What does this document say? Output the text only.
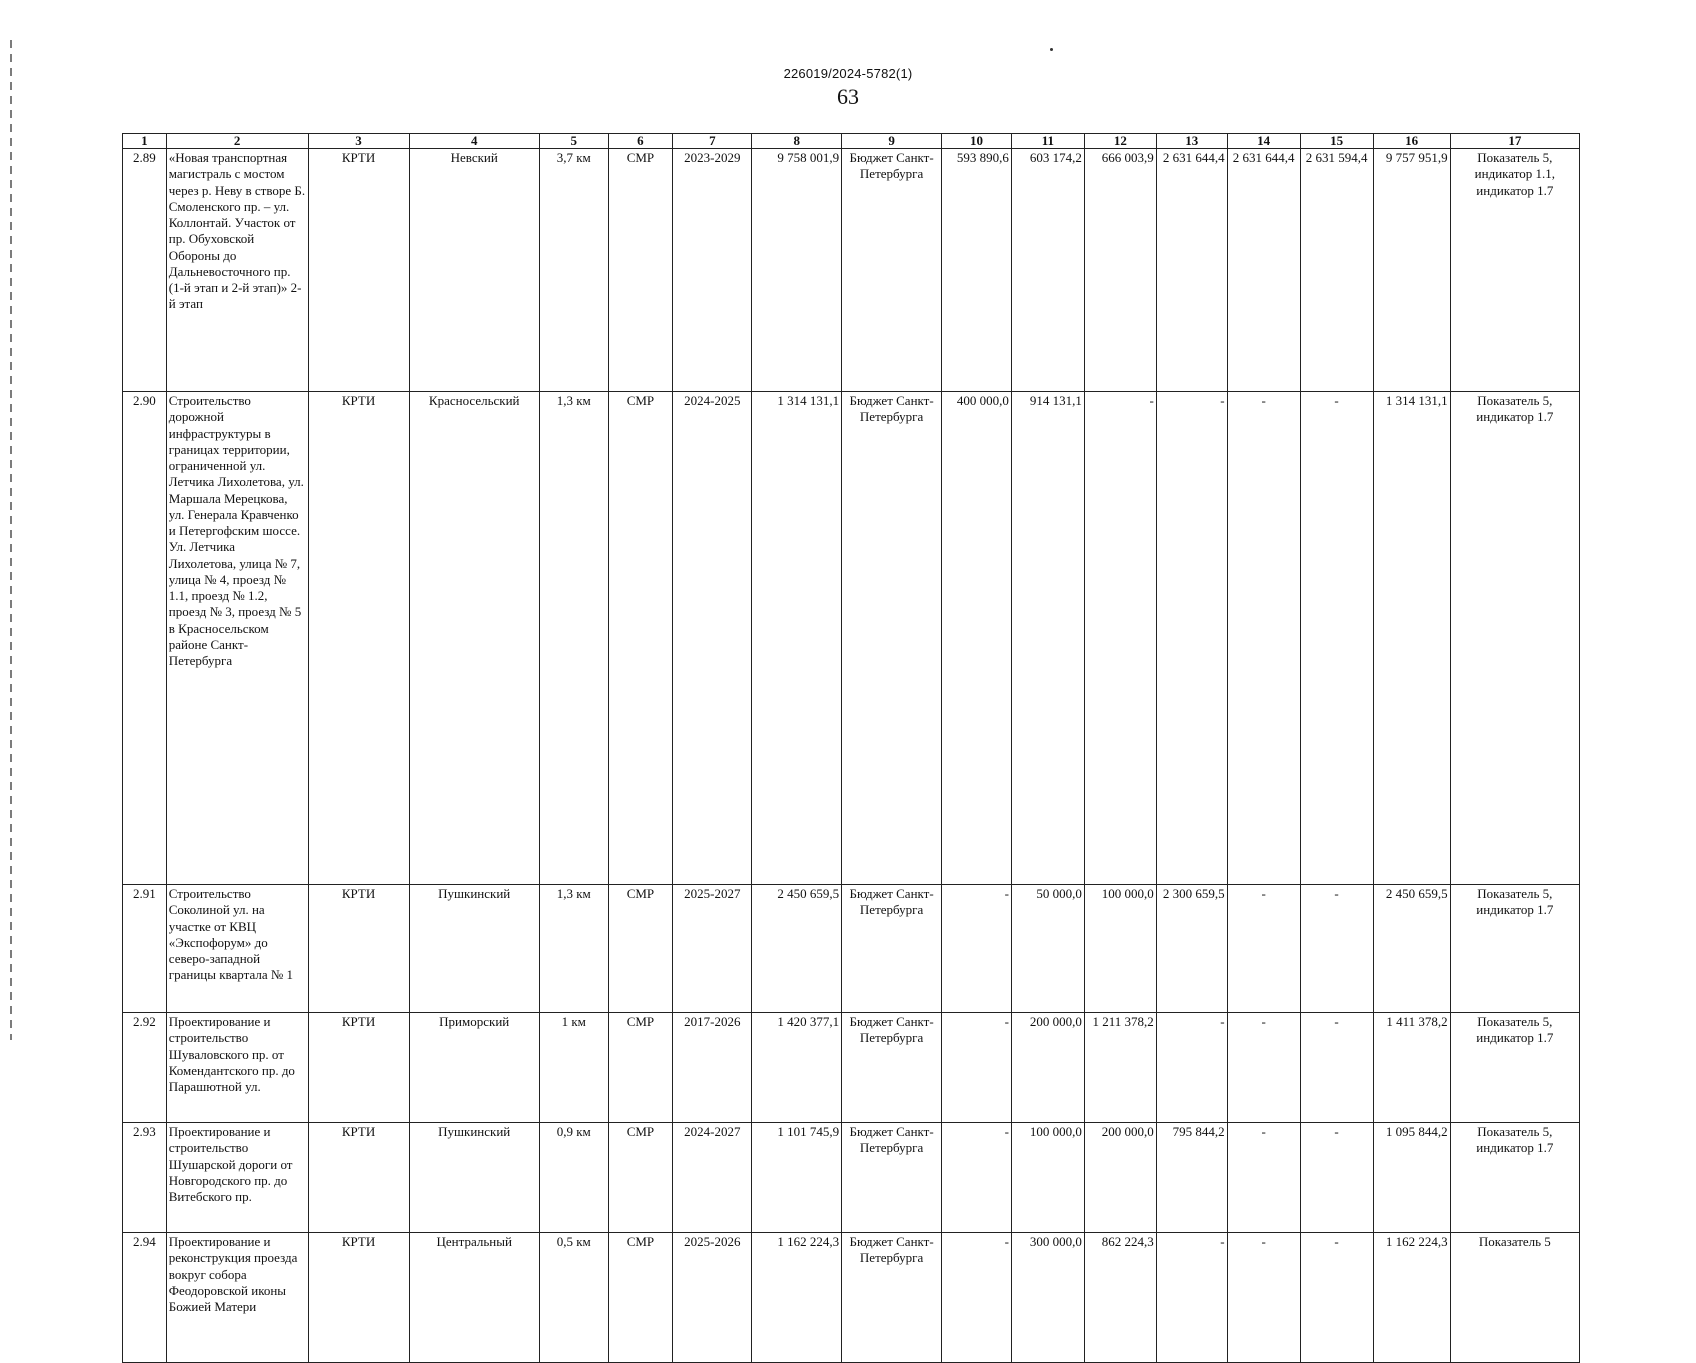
226019/2024-5782(1)
63
1	2	3	4	5	6	7	8	9	10	11	12	13	14	15	16	17
2.89	«Новая транспортная магистраль с мостом через р. Неву в створе Б. Смоленского пр. – ул. Коллонтай. Участок от пр. Обуховской Обороны до Дальневосточного пр. (1-й этап и 2-й этап)» 2-й этап	КРТИ	Невский	3,7 км	СМР	2023-2029	9 758 001,9	Бюджет Санкт-Петербурга	593 890,6	603 174,2	666 003,9	2 631 644,4	2 631 644,4	2 631 594,4	9 757 951,9	Показатель 5, индикатор 1.1, индикатор 1.7
2.90	Строительство дорожной инфраструктуры в границах территории, ограниченной ул. Летчика Лихолетова, ул. Маршала Мерецкова, ул. Генерала Кравченко и Петергофским шоссе. Ул. Летчика Лихолетова, улица № 7, улица № 4, проезд № 1.1, проезд № 1.2, проезд № 3, проезд № 5 в Красносельском районе Санкт-Петербурга	КРТИ	Красносельский	1,3 км	СМР	2024-2025	1 314 131,1	Бюджет Санкт-Петербурга	400 000,0	914 131,1	-	-	-	-	1 314 131,1	Показатель 5, индикатор 1.7
2.91	Строительство Соколиной ул. на участке от КВЦ «Экспофорум» до северо-западной границы квартала № 1	КРТИ	Пушкинский	1,3 км	СМР	2025-2027	2 450 659,5	Бюджет Санкт-Петербурга	-	50 000,0	100 000,0	2 300 659,5	-	-	2 450 659,5	Показатель 5, индикатор 1.7
2.92	Проектирование и строительство Шуваловского пр. от Комендантского пр. до Парашютной ул.	КРТИ	Приморский	1 км	СМР	2017-2026	1 420 377,1	Бюджет Санкт-Петербурга	-	200 000,0	1 211 378,2	-	-	-	1 411 378,2	Показатель 5, индикатор 1.7
2.93	Проектирование и строительство Шушарской дороги от Новгородского пр. до Витебского пр.	КРТИ	Пушкинский	0,9 км	СМР	2024-2027	1 101 745,9	Бюджет Санкт-Петербурга	-	100 000,0	200 000,0	795 844,2	-	-	1 095 844,2	Показатель 5, индикатор 1.7
2.94	Проектирование и реконструкция проезда вокруг собора Феодоровской иконы Божией Матери	КРТИ	Центральный	0,5 км	СМР	2025-2026	1 162 224,3	Бюджет Санкт-Петербурга	-	300 000,0	862 224,3	-	-	-	1 162 224,3	Показатель 5
